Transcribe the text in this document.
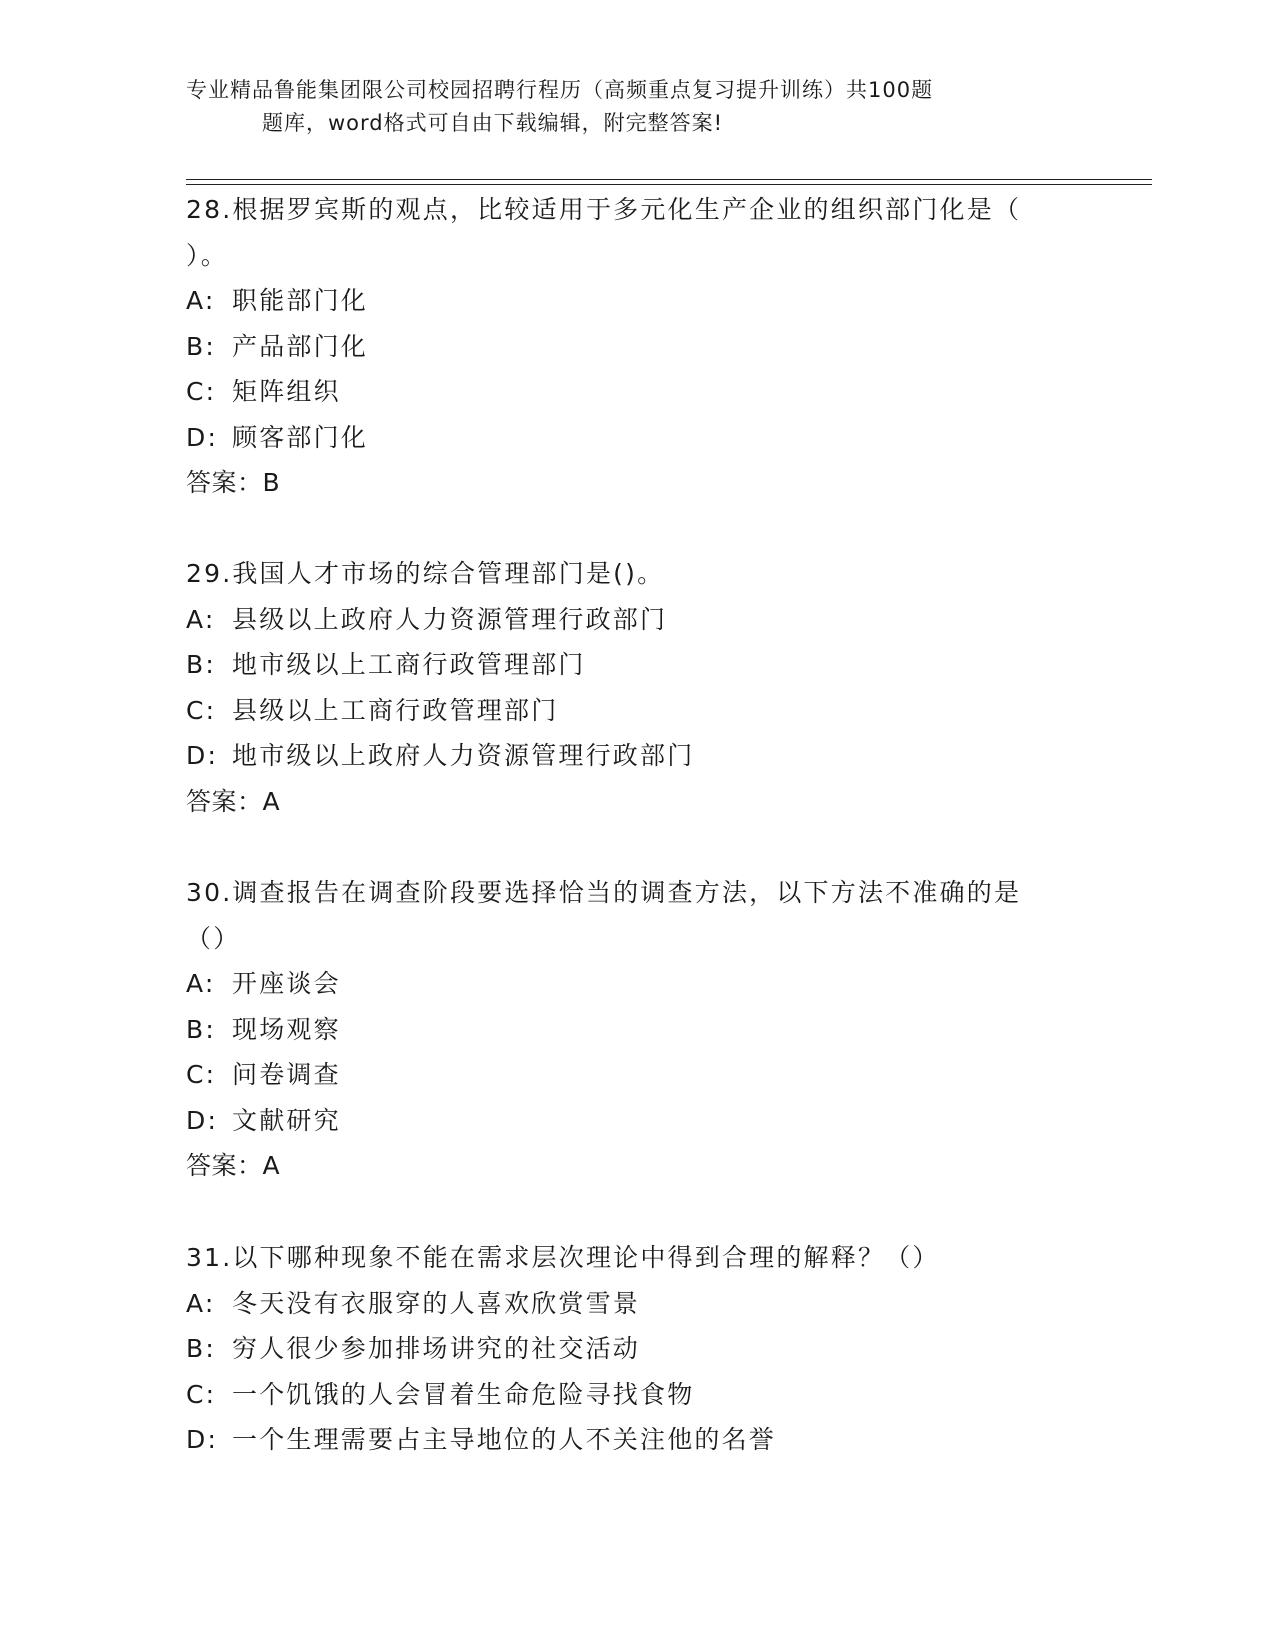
专业精品鲁能集团限公司校园招聘行程历（高频重点复习提升训练）共100题
题库，word格式可自由下载编辑，附完整答案!
28.根据罗宾斯的观点，比较适用于多元化生产企业的组织部门化是（
）。
A: 职能部门化
B: 产品部门化
C: 矩阵组织
D: 顾客部门化
答案：B
29.我国人才市场的综合管理部门是()。
A: 县级以上政府人力资源管理行政部门
B: 地市级以上工商行政管理部门
C: 县级以上工商行政管理部门
D: 地市级以上政府人力资源管理行政部门
答案：A
30.调查报告在调查阶段要选择恰当的调查方法，以下方法不准确的是
（）
A: 开座谈会
B: 现场观察
C: 问卷调查
D: 文献研究
答案：A
31.以下哪种现象不能在需求层次理论中得到合理的解释？（）
A: 冬天没有衣服穿的人喜欢欣赏雪景
B: 穷人很少参加排场讲究的社交活动
C: 一个饥饿的人会冒着生命危险寻找食物
D: 一个生理需要占主导地位的人不关注他的名誉
